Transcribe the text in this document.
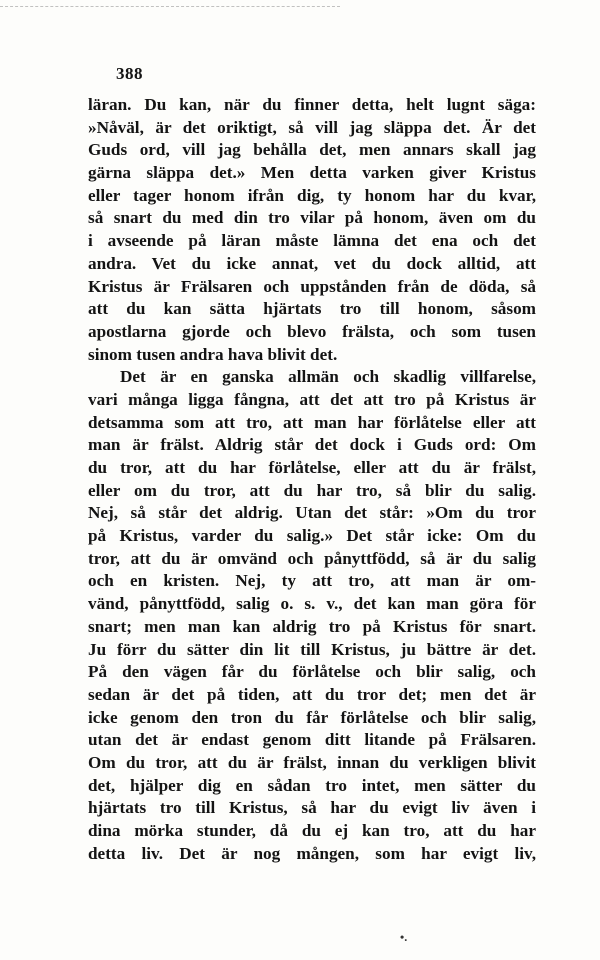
388
läran. Du kan, när du finner detta, helt lugnt säga:
»Nåväl, är det oriktigt, så vill jag släppa det. Är det
Guds ord, vill jag behålla det, men annars skall jag
gärna släppa det.» Men detta varken giver Kristus
eller tager honom ifrån dig, ty honom har du kvar,
så snart du med din tro vilar på honom, även om du
i avseende på läran måste lämna det ena och det
andra. Vet du icke annat, vet du dock alltid, att
Kristus är Frälsaren och uppstånden från de döda, så
att du kan sätta hjärtats tro till honom, såsom
apostlarna gjorde och blevo frälsta, och som tusen
sinom tusen andra hava blivit det.
Det är en ganska allmän och skadlig villfarelse,
vari många ligga fångna, att det att tro på Kristus är
detsamma som att tro, att man har förlåtelse eller att
man är frälst. Aldrig står det dock i Guds ord: Om
du tror, att du har förlåtelse, eller att du är frälst,
eller om du tror, att du har tro, så blir du salig.
Nej, så står det aldrig. Utan det står: »Om du tror
på Kristus, varder du salig.» Det står icke: Om du
tror, att du är omvänd och pånyttfödd, så är du salig
och en kristen. Nej, ty att tro, att man är om-
vänd, pånyttfödd, salig o. s. v., det kan man göra för
snart; men man kan aldrig tro på Kristus för snart.
Ju förr du sätter din lit till Kristus, ju bättre är det.
På den vägen får du förlåtelse och blir salig, och
sedan är det på tiden, att du tror det; men det är
icke genom den tron du får förlåtelse och blir salig,
utan det är endast genom ditt litande på Frälsaren.
Om du tror, att du är frälst, innan du verkligen blivit
det, hjälper dig en sådan tro intet, men sätter du
hjärtats tro till Kristus, så har du evigt liv även i
dina mörka stunder, då du ej kan tro, att du har
detta liv. Det är nog mången, som har evigt liv,
•.
